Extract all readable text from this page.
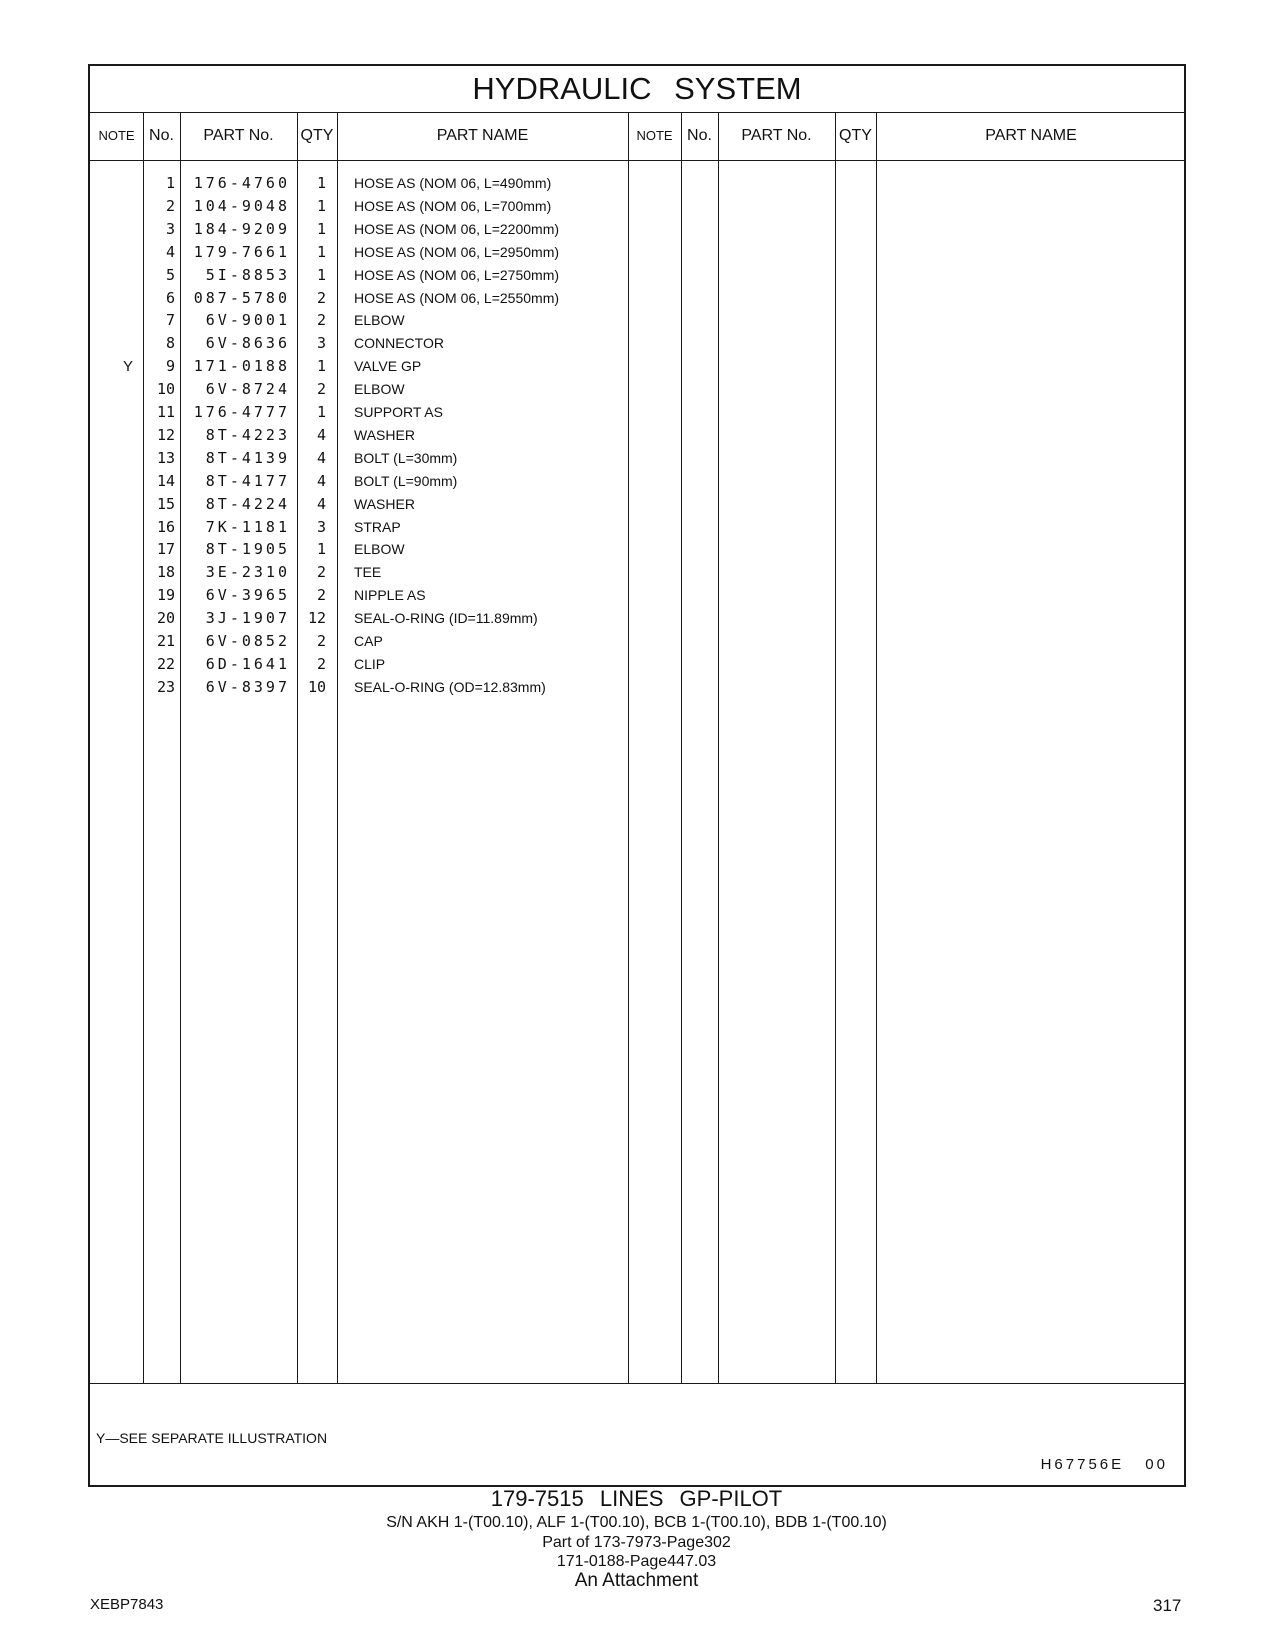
HYDRAULIC SYSTEM
NOTE No.	PART No.	QTY	PART NAME	NOTE No.	PART No.	QTY	PART NAME
1	176-4760	1 HOSE AS (NOM 06, L=490mm)
2	104-9048	1 HOSE AS (NOM 06, L=700mm)
3	184-9209	1 HOSE AS (NOM 06, L=2200mm)
4	179-7661	1 HOSE AS (NOM 06, L=2950mm)
5	5I-8853	1 HOSE AS (NOM 06, L=2750mm)
6	087-5780	2 HOSE AS (NOM 06, L=2550mm)
7	6V-9001	2 ELBOW
8	6V-8636	3 CONNECTOR
Y	9	171-0188	1 VALVE GP
10	6V-8724	2 ELBOW
11	176-4777	1 SUPPORT AS
12	8T-4223	4 WASHER
13	8T-4139	4 BOLT (L=30mm)
14	8T-4177	4 BOLT (L=90mm)
15	8T-4224	4 WASHER
16	7K-1181	3 STRAP
17	8T-1905	1 ELBOW
18	3E-2310	2 TEE
19	6V-3965	2 NIPPLE AS
20	3J-1907	12 SEAL-O-RING (ID=11.89mm)
21	6V-0852	2 CAP
22	6D-1641	2 CLIP
23	6V-8397	10 SEAL-O-RING (OD=12.83mm)
Y—SEE SEPARATE ILLUSTRATION
H67756E 00
179-7515 LINES GP-PILOT
S/N AKH 1-(T00.10), ALF 1-(T00.10), BCB 1-(T00.10), BDB 1-(T00.10)
Part of 173-7973-Page302
171-0188-Page447.03
An Attachment
XEBP7843	317
